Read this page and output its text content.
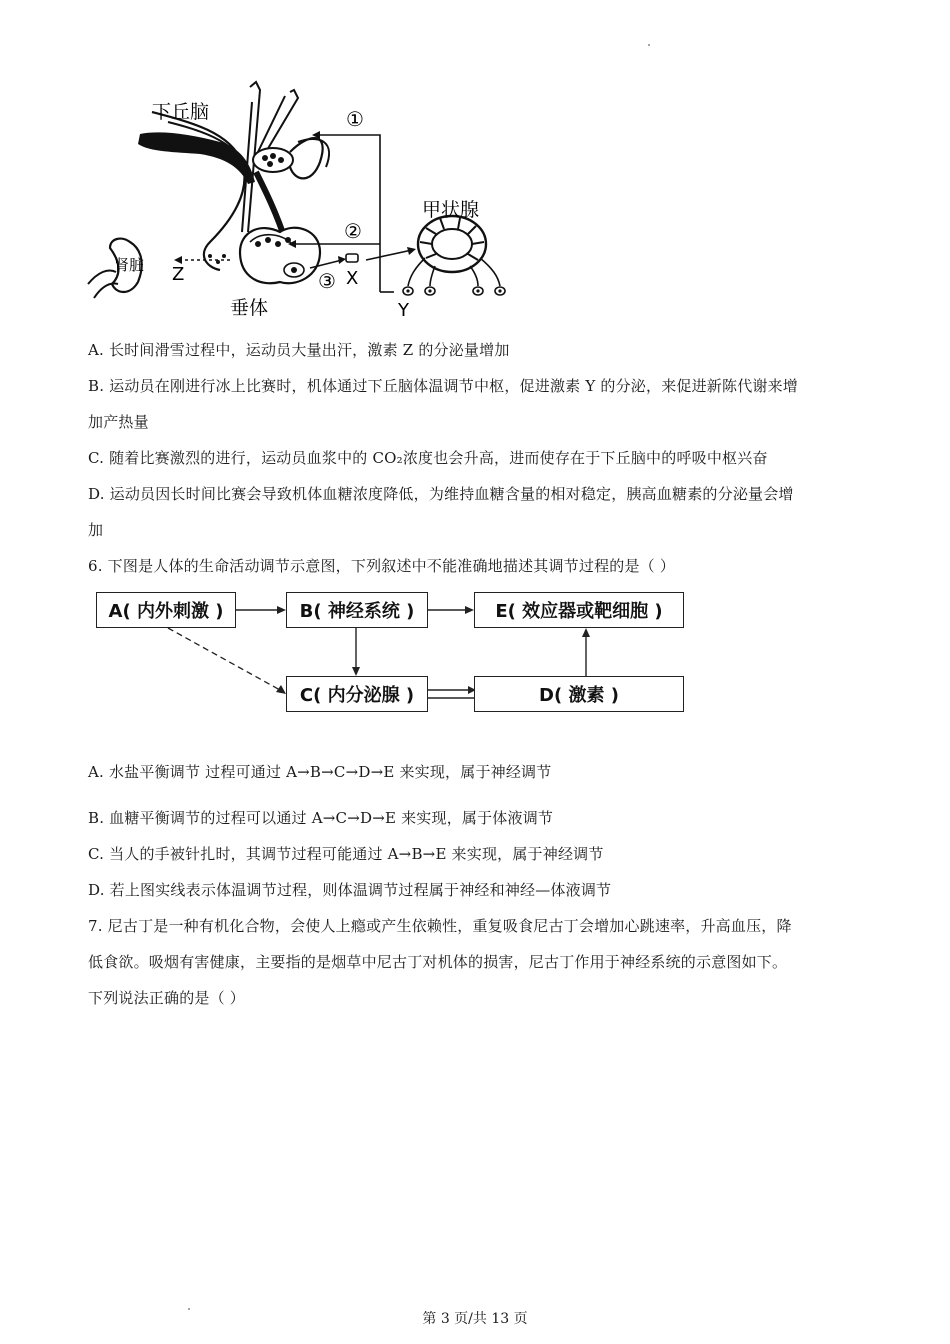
下丘脑
垂体
甲状腺
肾脏
①
②
③ X
Y
Z
A. 长时间滑雪过程中，运动员大量出汗，激素 Z 的分泌量增加
B. 运动员在刚进行冰上比赛时，机体通过下丘脑体温调节中枢，促进激素 Y 的分泌，来促进新陈代谢来增
加产热量
C. 随着比赛激烈的进行，运动员血浆中的 CO₂浓度也会升高，进而使存在于下丘脑中的呼吸中枢兴奋
D. 运动员因长时间比赛会导致机体血糖浓度降低，为维持血糖含量的相对稳定，胰高血糖素的分泌量会增
加
6. 下图是人体的生命活动调节示意图，下列叙述中不能准确地描述其调节过程的是（ ）
A( 内外刺激 )	B( 神经系统 )	E( 效应器或靶细胞 )
C( 内分泌腺 )	D( 激素 )
A. 水盐平衡调节 过程可通过 A→B→C→D→E 来实现，属于神经调节
B. 血糖平衡调节的过程可以通过 A→C→D→E 来实现，属于体液调节
C. 当人的手被针扎时，其调节过程可能通过 A→B→E 来实现，属于神经调节
D. 若上图实线表示体温调节过程，则体温调节过程属于神经和神经—体液调节
7. 尼古丁是一种有机化合物，会使人上瘾或产生依赖性，重复吸食尼古丁会增加心跳速率，升高血压，降
低食欲。吸烟有害健康，主要指的是烟草中尼古丁对机体的损害，尼古丁作用于神经系统的示意图如下。
下列说法正确的是（ ）
第 3 页/共 13 页
